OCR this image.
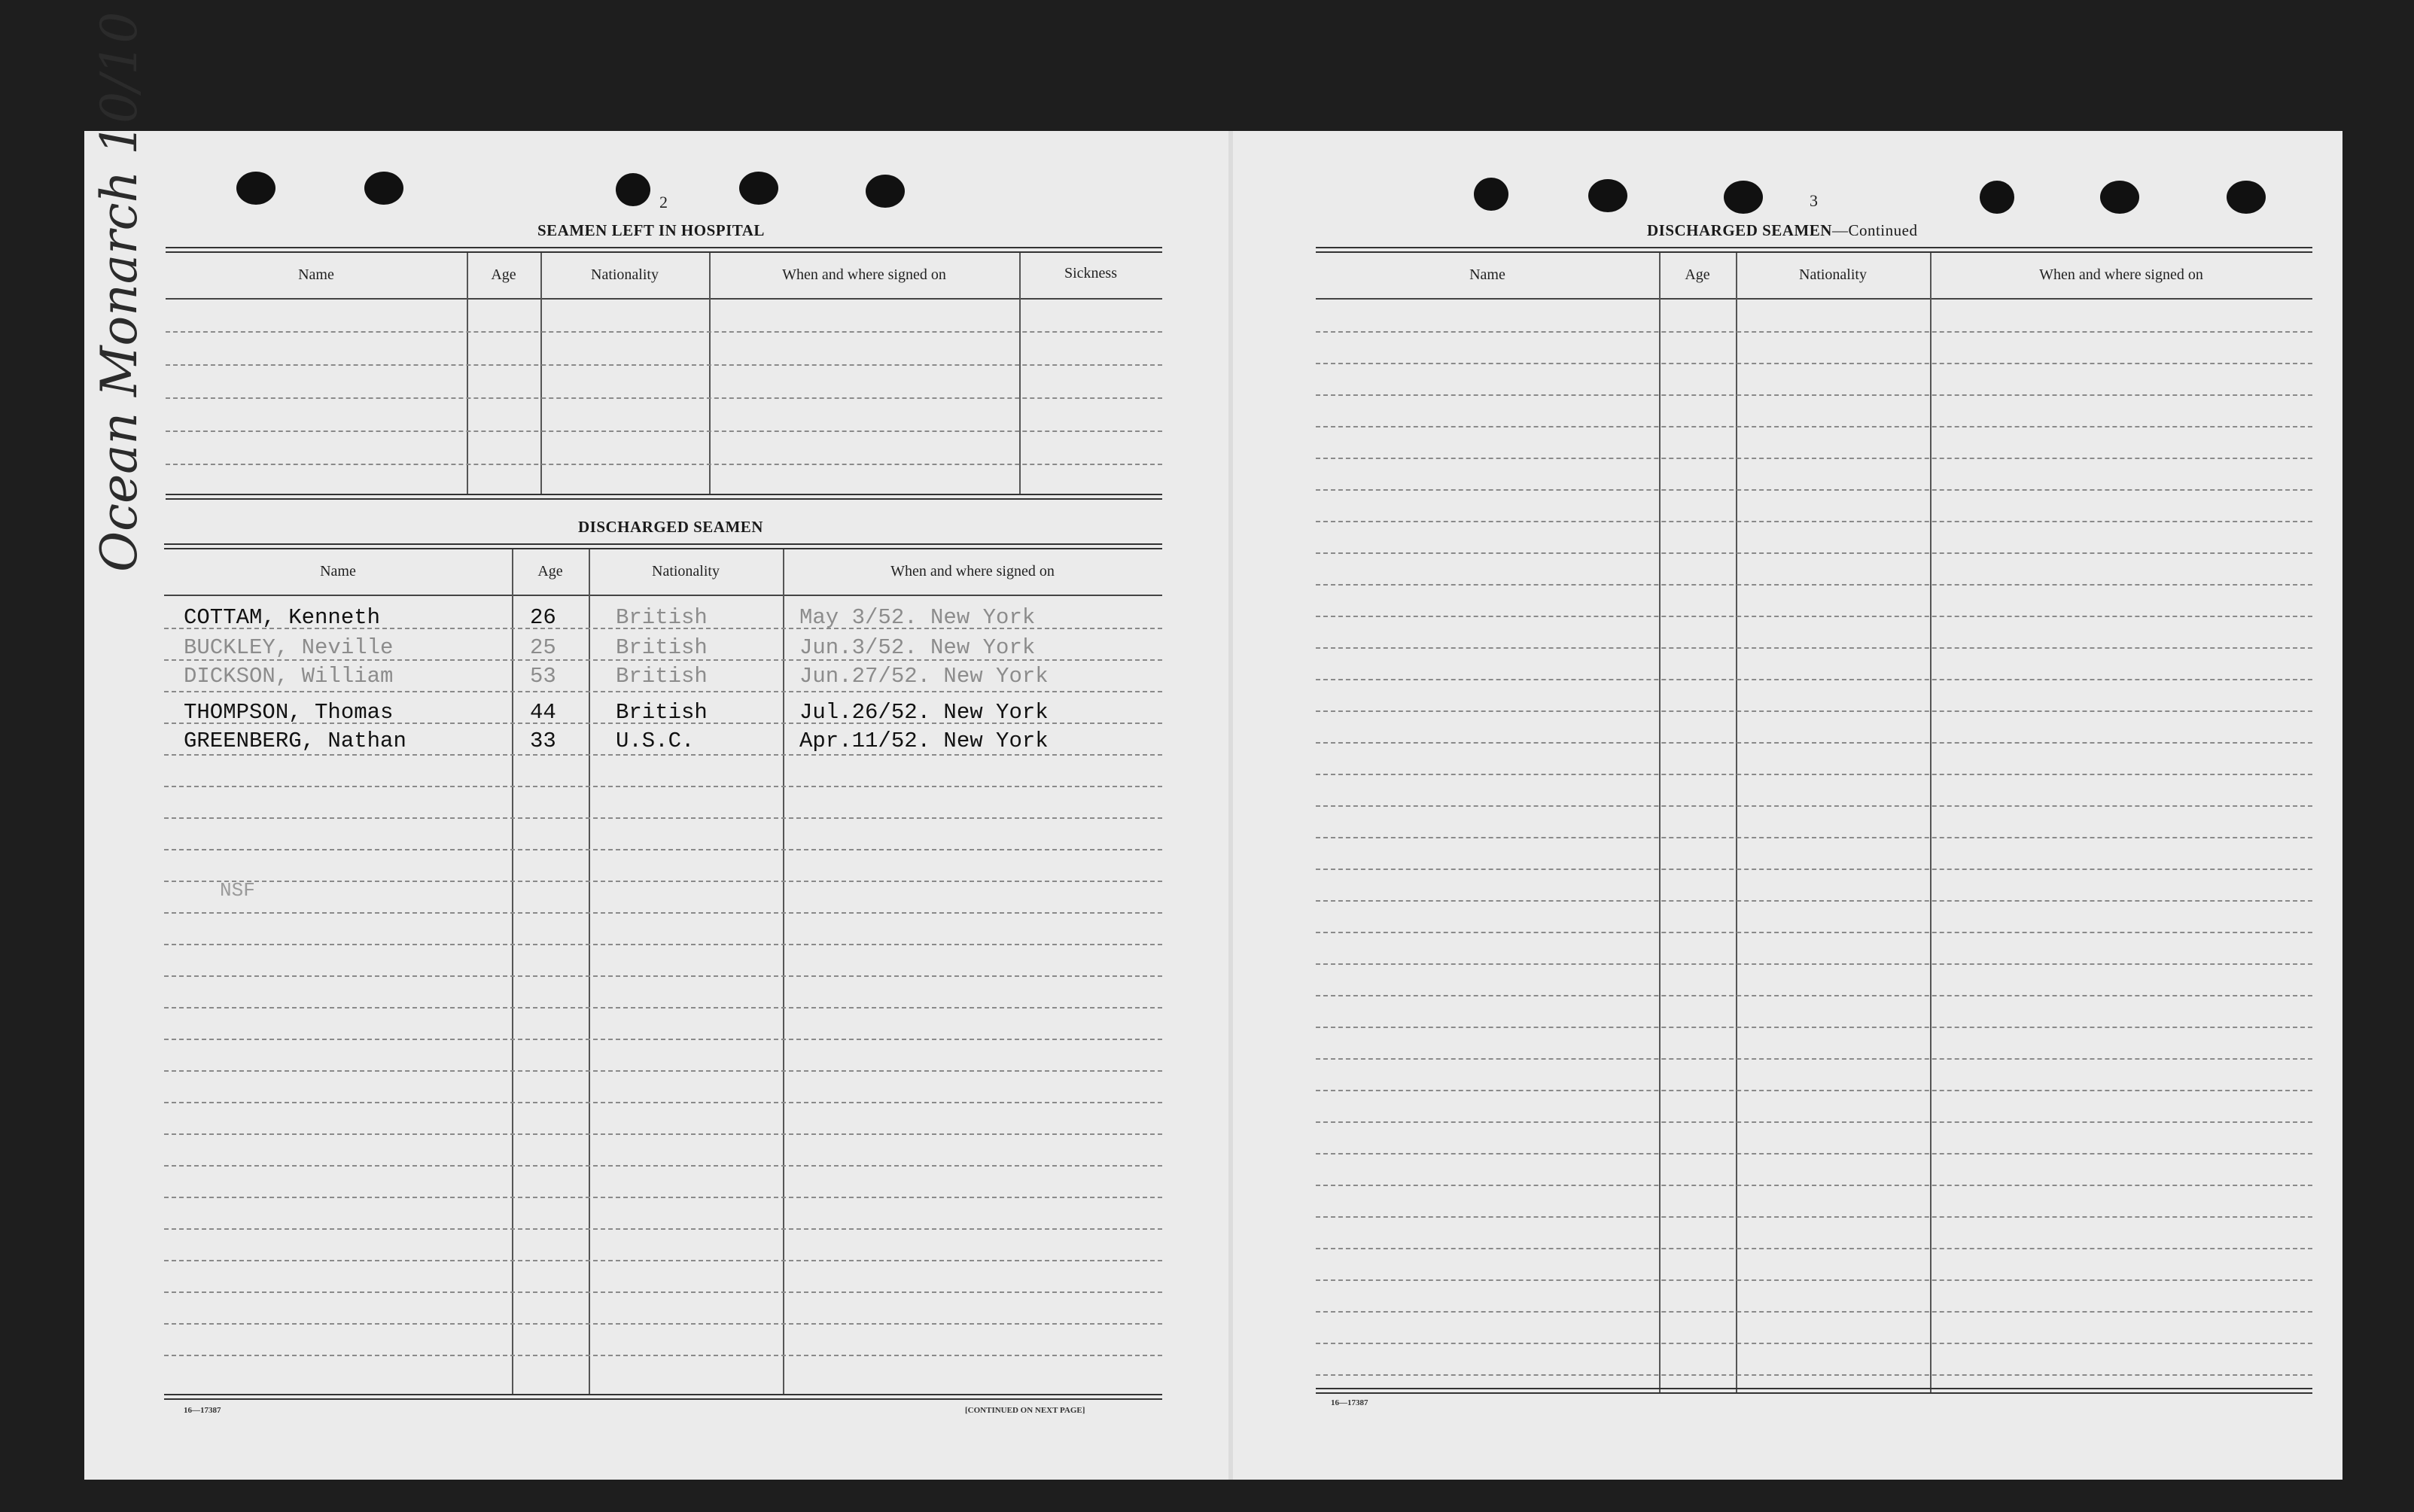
Ocean Monarch 10/10	2
SEAMEN LEFT IN HOSPITAL
Name	Age	Nationality	When and where signed on	Sickness
DISCHARGED SEAMEN
Name	Age	Nationality	When and where signed on
COTTAM, Kenneth	26	British	May 3/52. New York
BUCKLEY, Neville	25	British	Jun.3/52. New York
DICKSON, William	53	British	Jun.27/52. New York
THOMPSON, Thomas	44	British	Jul.26/52. New York
GREENBERG, Nathan	33	U.S.C.	Apr.11/52. New York
NSF
16—17387	[CONTINUED ON NEXT PAGE]
3
DISCHARGED SEAMEN—Continued
Name	Age	Nationality	When and where signed on
16—17387
